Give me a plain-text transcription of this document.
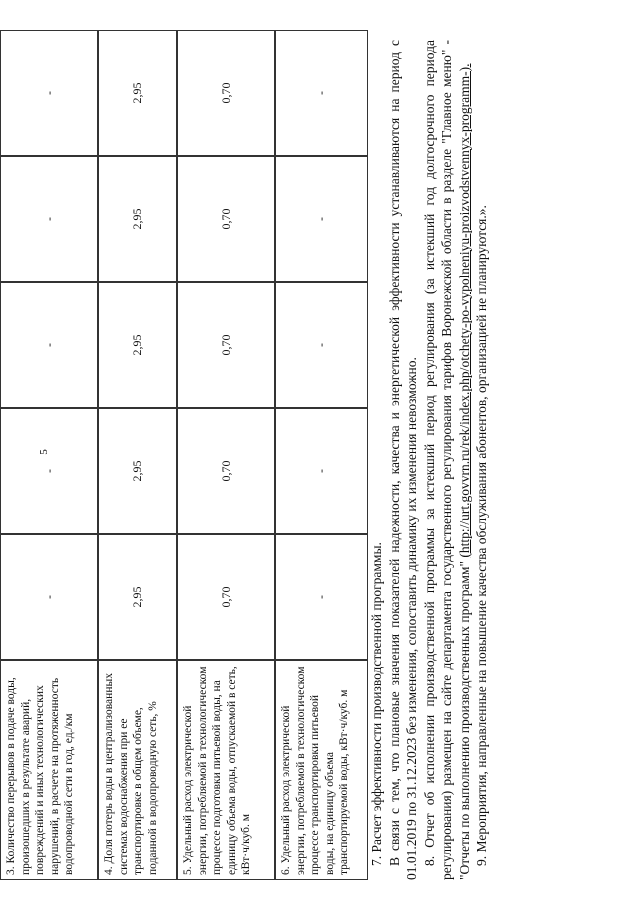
5
3. Количество перерывов в подаче воды, произошедших в результате аварий, повреждений и иных технологических нарушений, в расчете на протяженность водопроводной сети в год, ед./км
-
-
-
-
-
4. Доля потерь воды в централизованных системах водоснабжения при ее транспортировке в общем объеме, поданной в водопроводную сеть, %
2,95
2,95
2,95
2,95
2,95
5. Удельный расход электрической энергии, потребляемой в технологическом процессе подготовки питьевой воды, на единицу объема воды, отпускаемой в сеть, кВт·ч/куб. м
0,70
0,70
0,70
0,70
0,70
6. Удельный расход электрической энергии, потребляемой в технологическом процессе транспортировки питьевой воды, на единицу объема транспортируемой воды, кВт·ч/куб. м
-
-
-
-
-

7. Расчет эффективности производственной программы. В связи с тем, что плановые значения показателей надежности, качества и энергетической эффективности устанавливаются на период с 01.01.2019 по 31.12.2023 без изменения, сопоставить динамику их изменения невозможно. 8. Отчет об исполнении производственной программы за истекший период регулирования (за истекший год долгосрочного периода регулирования) размещен на сайте департамента государственного регулирования тарифов Воронежской области в разделе "Главное меню" - "Отчеты по выполнению производственных программ" (http://urt.govvrn.ru/rek/index.php/otchety-po-vypolneniyu-proizvodstvennyx-programm-). 9. Мероприятия, направленные на повышение качества обслуживания абонентов, организацией не планируются.».
